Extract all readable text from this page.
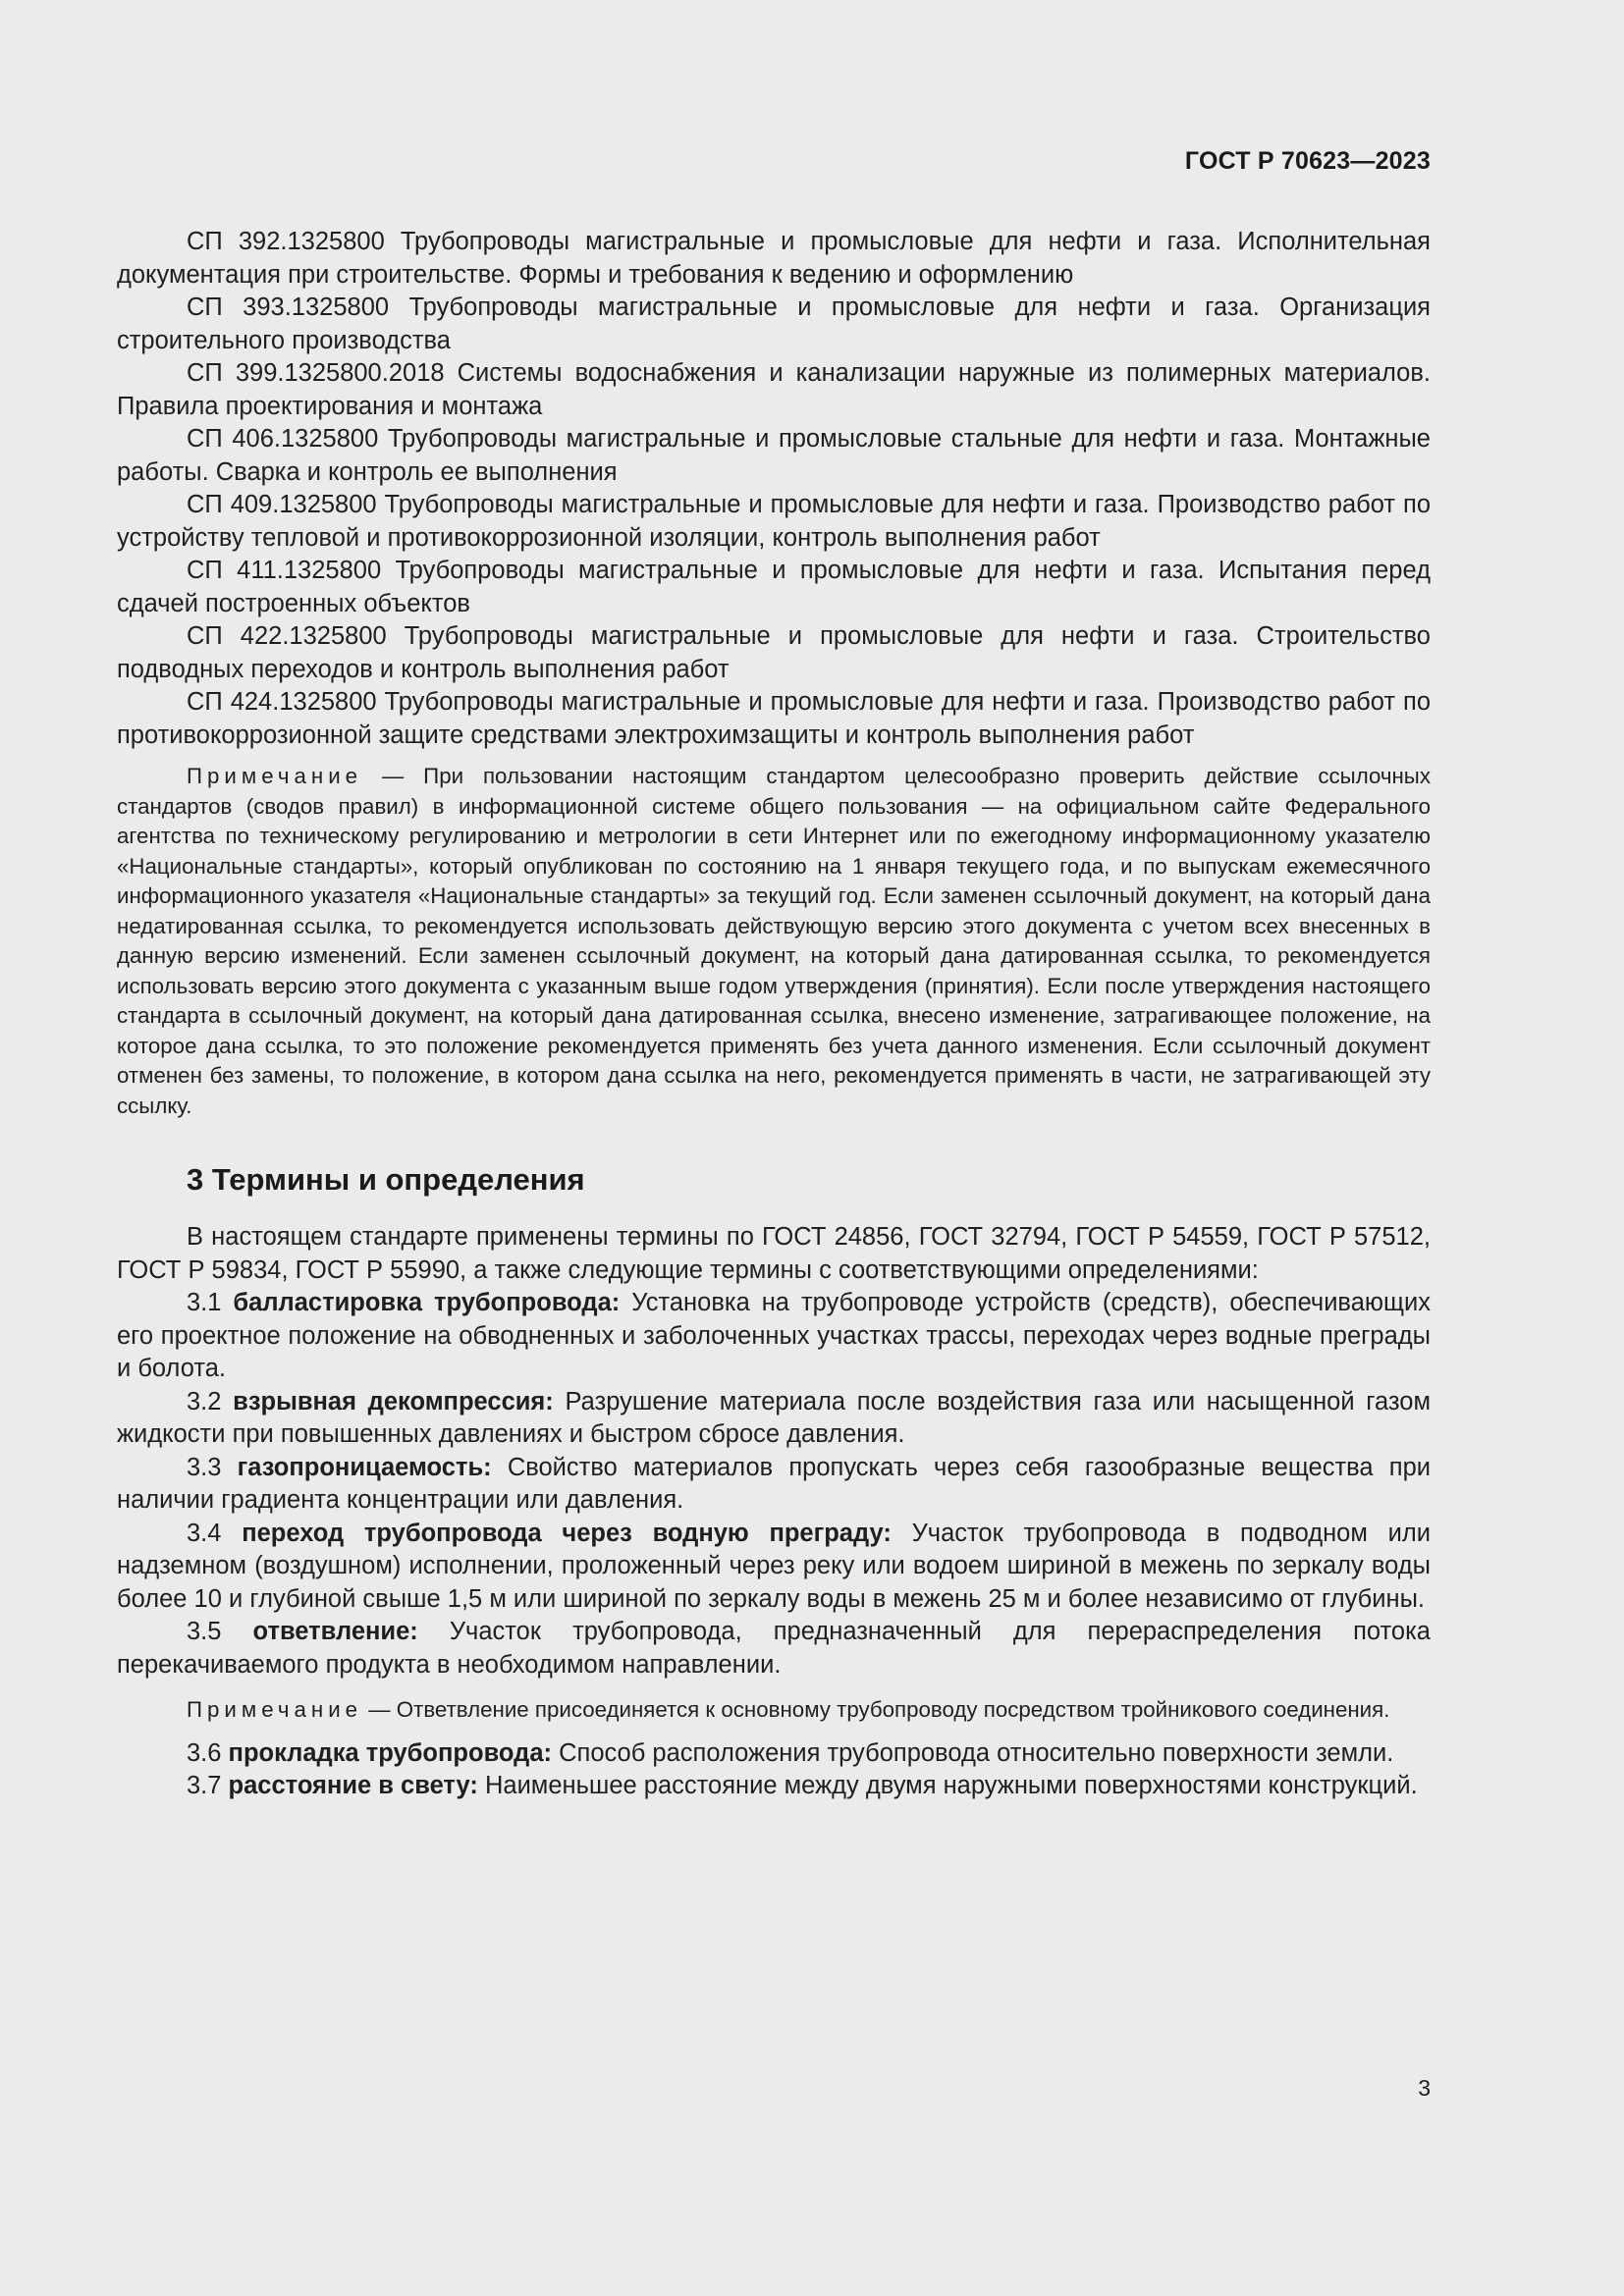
ГОСТ Р 70623—2023

СП 392.1325800 Трубопроводы магистральные и промысловые для нефти и газа. Исполнительная документация при строительстве. Формы и требования к ведению и оформлению

СП 393.1325800 Трубопроводы магистральные и промысловые для нефти и газа. Организация строительного производства

СП 399.1325800.2018 Системы водоснабжения и канализации наружные из полимерных материалов. Правила проектирования и монтажа

СП 406.1325800 Трубопроводы магистральные и промысловые стальные для нефти и газа. Монтажные работы. Сварка и контроль ее выполнения

СП 409.1325800 Трубопроводы магистральные и промысловые для нефти и газа. Производство работ по устройству тепловой и противокоррозионной изоляции, контроль выполнения работ

СП 411.1325800 Трубопроводы магистральные и промысловые для нефти и газа. Испытания перед сдачей построенных объектов

СП 422.1325800 Трубопроводы магистральные и промысловые для нефти и газа. Строительство подводных переходов и контроль выполнения работ

СП 424.1325800 Трубопроводы магистральные и промысловые для нефти и газа. Производство работ по противокоррозионной защите средствами электрохимзащиты и контроль выполнения работ

Примечание — При пользовании настоящим стандартом целесообразно проверить действие ссылочных стандартов (сводов правил) в информационной системе общего пользования — на официальном сайте Федерального агентства по техническому регулированию и метрологии в сети Интернет или по ежегодному информационному указателю «Национальные стандарты», который опубликован по состоянию на 1 января текущего года, и по выпускам ежемесячного информационного указателя «Национальные стандарты» за текущий год. Если заменен ссылочный документ, на который дана недатированная ссылка, то рекомендуется использовать действующую версию этого документа с учетом всех внесенных в данную версию изменений. Если заменен ссылочный документ, на который дана датированная ссылка, то рекомендуется использовать версию этого документа с указанным выше годом утверждения (принятия). Если после утверждения настоящего стандарта в ссылочный документ, на который дана датированная ссылка, внесено изменение, затрагивающее положение, на которое дана ссылка, то это положение рекомендуется применять без учета данного изменения. Если ссылочный документ отменен без замены, то положение, в котором дана ссылка на него, рекомендуется применять в части, не затрагивающей эту ссылку.

3 Термины и определения

В настоящем стандарте применены термины по ГОСТ 24856, ГОСТ 32794, ГОСТ Р 54559, ГОСТ Р 57512, ГОСТ Р 59834, ГОСТ Р 55990, а также следующие термины с соответствующими определениями:

3.1 балластировка трубопровода: Установка на трубопроводе устройств (средств), обеспечивающих его проектное положение на обводненных и заболоченных участках трассы, переходах через водные преграды и болота.

3.2 взрывная декомпрессия: Разрушение материала после воздействия газа или насыщенной газом жидкости при повышенных давлениях и быстром сбросе давления.

3.3 газопроницаемость: Свойство материалов пропускать через себя газообразные вещества при наличии градиента концентрации или давления.

3.4 переход трубопровода через водную преграду: Участок трубопровода в подводном или надземном (воздушном) исполнении, проложенный через реку или водоем шириной в межень по зеркалу воды более 10 и глубиной свыше 1,5 м или шириной по зеркалу воды в межень 25 м и более независимо от глубины.

3.5 ответвление: Участок трубопровода, предназначенный для перераспределения потока перекачиваемого продукта в необходимом направлении.

Примечание — Ответвление присоединяется к основному трубопроводу посредством тройникового соединения.

3.6 прокладка трубопровода: Способ расположения трубопровода относительно поверхности земли.

3.7 расстояние в свету: Наименьшее расстояние между двумя наружными поверхностями конструкций.

3
